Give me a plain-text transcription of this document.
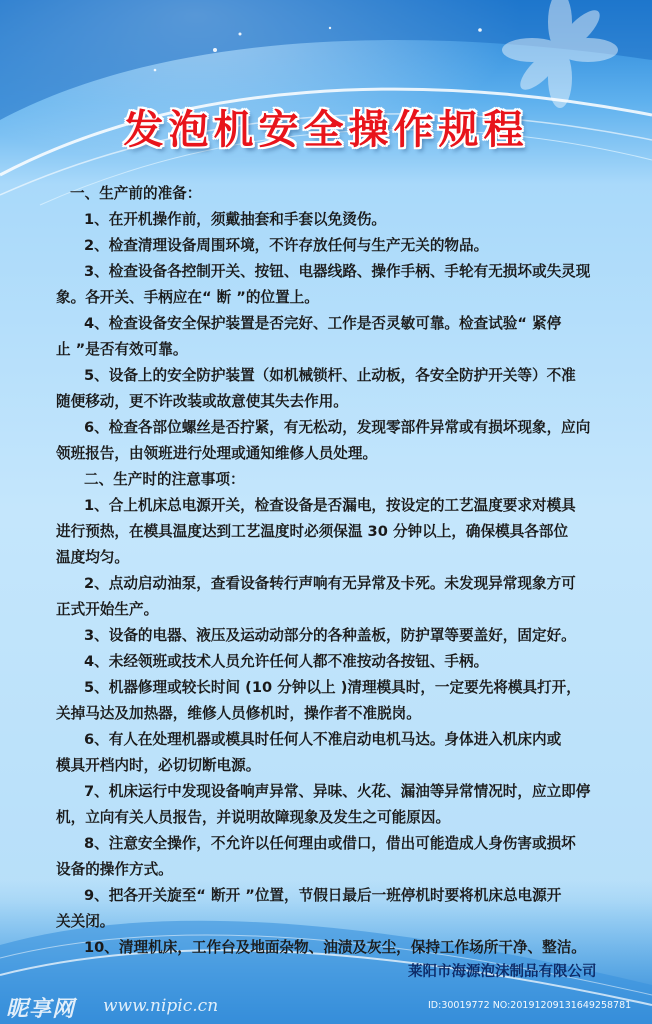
发泡机安全操作规程
一、生产前的准备：
1、在开机操作前，须戴抽套和手套以免烫伤。
2、检查清理设备周围环境，不许存放任何与生产无关的物品。
3、检查设备各控制开关、按钮、电器线路、操作手柄、手轮有无损坏或失灵现
象。各开关、手柄应在“ 断 ”的位置上。
4、检查设备安全保护装置是否完好、工作是否灵敏可靠。检查试验“ 紧停
止 ”是否有效可靠。
5、设备上的安全防护装置（如机械锁杆、止动板，各安全防护开关等）不准
随便移动，更不许改装或故意使其失去作用。
6、检查各部位螺丝是否拧紧，有无松动，发现零部件异常或有损坏现象，应向
领班报告，由领班进行处理或通知维修人员处理。
二、生产时的注意事项：
1、合上机床总电源开关，检查设备是否漏电，按设定的工艺温度要求对模具
进行预热，在模具温度达到工艺温度时必须保温 30 分钟以上，确保模具各部位
温度均匀。
2、点动启动油泵，查看设备转行声响有无异常及卡死。未发现异常现象方可
正式开始生产。
3、设备的电器、液压及运动动部分的各种盖板，防护罩等要盖好，固定好。
4、未经领班或技术人员允许任何人都不准按动各按钮、手柄。
5、机器修理或较长时间 (10 分钟以上 )清理模具时，一定要先将模具打开，
关掉马达及加热器，维修人员修机时，操作者不准脱岗。
6、有人在处理机器或模具时任何人不准启动电机马达。身体进入机床内或
模具开档内时，必切切断电源。
7、机床运行中发现设备响声异常、异味、火花、漏油等异常情况时，应立即停
机，立向有关人员报告，并说明故障现象及发生之可能原因。
8、注意安全操作，不允许以任何理由或借口，借出可能造成人身伤害或损坏
设备的操作方式。
9、把各开关旋至“ 断开 ”位置，节假日最后一班停机时要将机床总电源开
关关闭。
10、清理机床，工作台及地面杂物、油渍及灰尘，保持工作场所干净、整洁。
莱阳市海源泡沫制品有限公司
昵享网 www.nipic.cn	ID:30019772 NO:20191209131649258781
